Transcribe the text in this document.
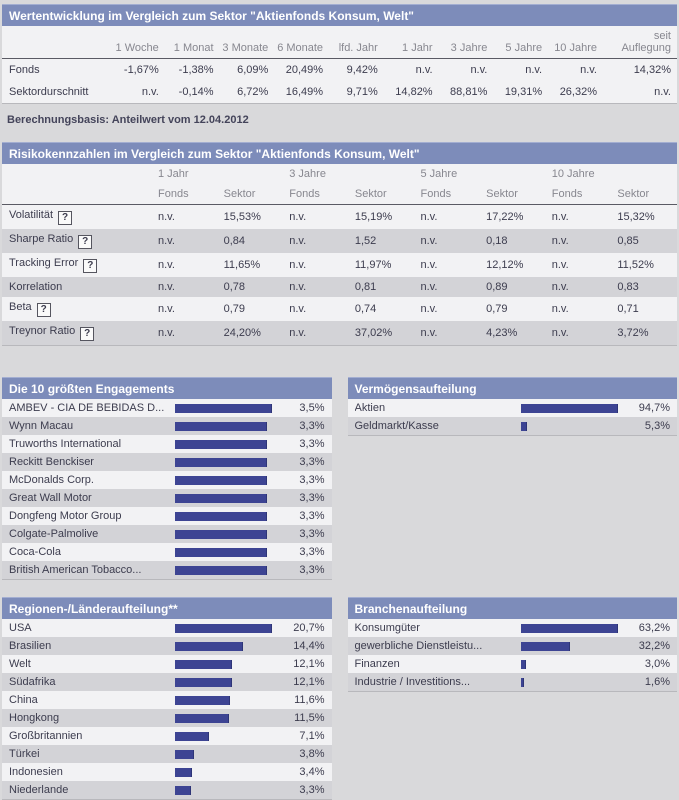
Wertentwicklung im Vergleich zum Sektor "Aktienfonds Konsum, Welt"
	1 Woche	1 Monat	3 Monate	6 Monate	lfd. Jahr	1 Jahr	3 Jahre	5 Jahre	10 Jahre	seit Auflegung
Fonds	-1,67%	-1,38%	6,09%	20,49%	9,42%	n.v.	n.v.	n.v.	n.v.	14,32%
Sektordurschnitt	n.v.	-0,14%	6,72%	16,49%	9,71%	14,82%	88,81%	19,31%	26,32%	n.v.
Berechnungsbasis: Anteilwert vom 12.04.2012
Risikokennzahlen im Vergleich zum Sektor "Aktienfonds Konsum, Welt"
	1 Jahr		3 Jahre		5 Jahre		10 Jahre	
	Fonds	Sektor	Fonds	Sektor	Fonds	Sektor	Fonds	Sektor
Volatilität ?	n.v.	15,53%	n.v.	15,19%	n.v.	17,22%	n.v.	15,32%
Sharpe Ratio ?	n.v.	0,84	n.v.	1,52	n.v.	0,18	n.v.	0,85
Tracking Error ?	n.v.	11,65%	n.v.	11,97%	n.v.	12,12%	n.v.	11,52%
Korrelation	n.v.	0,78	n.v.	0,81	n.v.	0,89	n.v.	0,83
Beta ?	n.v.	0,79	n.v.	0,74	n.v.	0,79	n.v.	0,71
Treynor Ratio ?	n.v.	24,20%	n.v.	37,02%	n.v.	4,23%	n.v.	3,72%
Die 10 größten Engagements
AMBEV - CIA DE BEBIDAS D...	3,5%
Wynn Macau	3,3%
Truworths International	3,3%
Reckitt Benckiser	3,3%
McDonalds Corp.	3,3%
Great Wall Motor	3,3%
Dongfeng Motor Group	3,3%
Colgate-Palmolive	3,3%
Coca-Cola	3,3%
British American Tobacco...	3,3%
Vermögensaufteilung
Aktien	94,7%
Geldmarkt/Kasse	5,3%
Regionen-/Länderaufteilung**
USA	20,7%
Brasilien	14,4%
Welt	12,1%
Südafrika	12,1%
China	11,6%
Hongkong	11,5%
Großbritannien	7,1%
Türkei	3,8%
Indonesien	3,4%
Niederlande	3,3%
Branchenaufteilung
Konsumgüter	63,2%
gewerbliche Dienstleistu...	32,2%
Finanzen	3,0%
Industrie / Investitions...	1,6%
